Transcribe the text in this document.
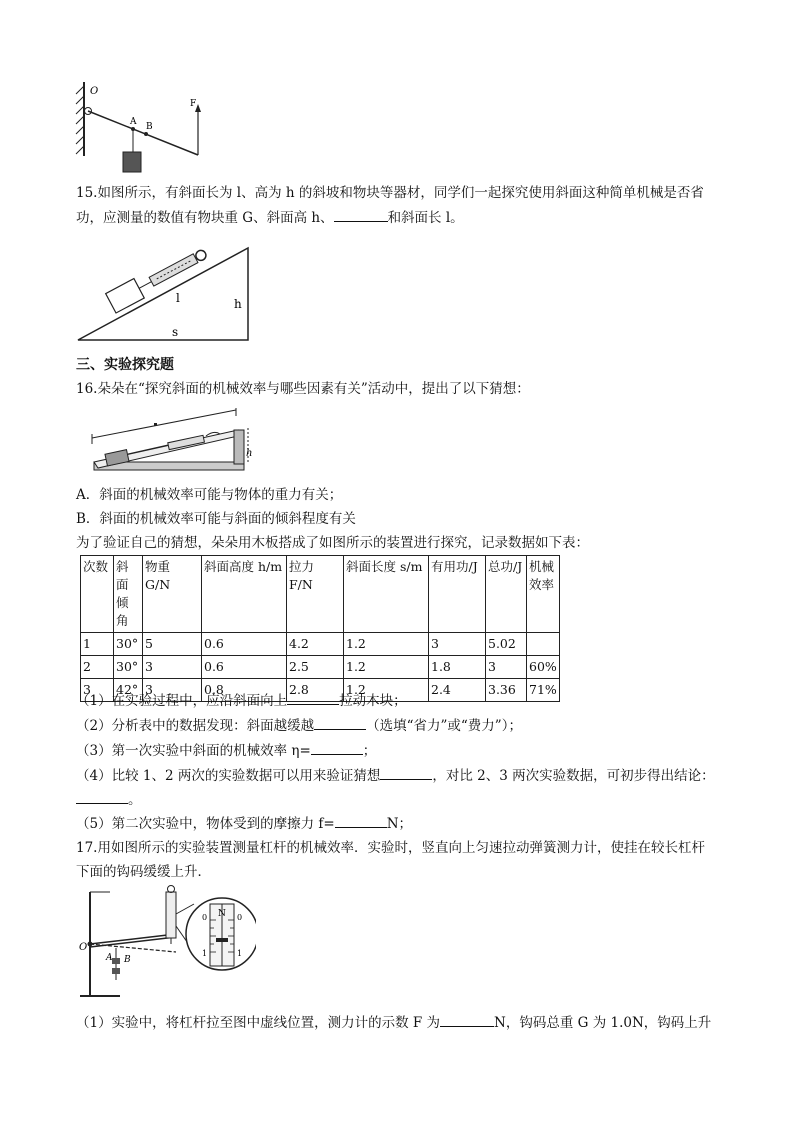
O
A B
F
15.如图所示，有斜面长为 l、高为 h 的斜坡和物块等器材，同学们一起探究使用斜面这种简单机械是否省
功，应测量的数值有物块重 G、斜面高 h、	和斜面长 l。
l	h
s
三、实验探究题
16.朵朵在“探究斜面的机械效率与哪些因素有关”活动中，提出了以下猜想：
h
A．斜面的机械效率可能与物体的重力有关；
B．斜面的机械效率可能与斜面的倾斜程度有关
为了验证自己的猜想，朵朵用木板搭成了如图所示的装置进行探究，记录数据如下表：
次数	斜面倾角	物重 G/N	斜面高度 h/m	拉力 F/N	斜面长度 s/m	有用功/J	总功/J	机械效率
1	30°	5	0.6	4.2	1.2	3	5.02	
2	30°	3	0.6	2.5	1.2	1.8	3	60%
3	42°	3	0.8	2.8	1.2	2.4	3.36	71%
（1）在实验过程中，应沿斜面向上	拉动木块；
（2）分析表中的数据发现：斜面越缓越	（选填“省力”或“费力”）；
（3）第一次实验中斜面的机械效率 η=	；
（4）比较 1、2 两次的实验数据可以用来验证猜想	，对比 2、3 两次实验数据，可初步得出结论：
。
（5）第二次实验中，物体受到的摩擦力 f=	N；
17.用如图所示的实验装置测量杠杆的机械效率．实验时，竖直向上匀速拉动弹簧测力计，使挂在较长杠杆
下面的钩码缓缓上升．
O
A B
N
0	0
1	1
（1）实验中，将杠杆拉至图中虚线位置，测力计的示数 F 为	N，钩码总重 G 为 1.0N，钩码上升
